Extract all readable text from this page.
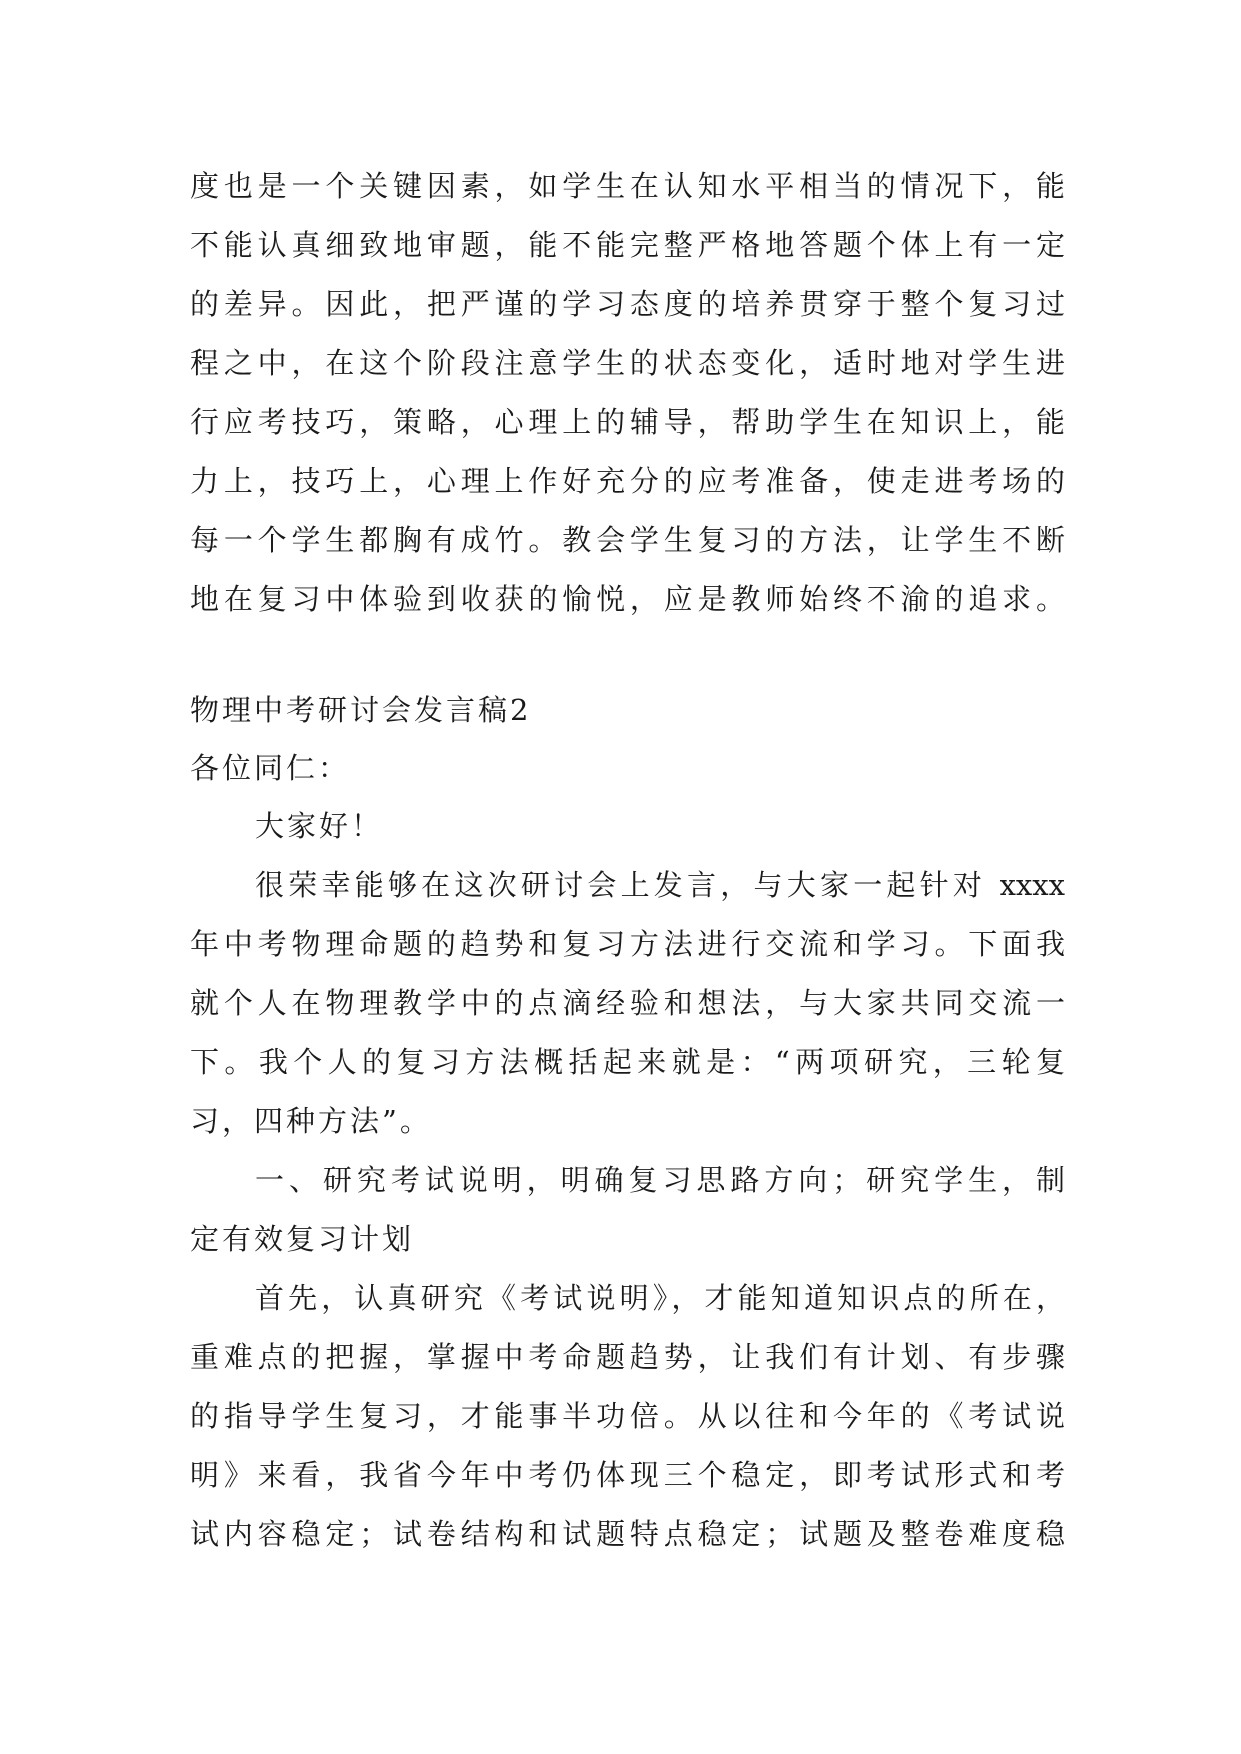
度也是一个关键因素，如学生在认知水平相当的情况下，能
不能认真细致地审题，能不能完整严格地答题个体上有一定
的差异。因此，把严谨的学习态度的培养贯穿于整个复习过
程之中，在这个阶段注意学生的状态变化，适时地对学生进
行应考技巧，策略，心理上的辅导，帮助学生在知识上，能
力上，技巧上，心理上作好充分的应考准备，使走进考场的
每一个学生都胸有成竹。教会学生复习的方法，让学生不断
地在复习中体验到收获的愉悦，应是教师始终不渝的追求。
物理中考研讨会发言稿2
各位同仁：
大家好！
很荣幸能够在这次研讨会上发言，与大家一起针对 xxxx
年中考物理命题的趋势和复习方法进行交流和学习。下面我
就个人在物理教学中的点滴经验和想法，与大家共同交流一
下。我个人的复习方法概括起来就是：“两项研究，三轮复
习，四种方法”。
一、研究考试说明，明确复习思路方向；研究学生，制
定有效复习计划
首先，认真研究《考试说明》，才能知道知识点的所在，
重难点的把握，掌握中考命题趋势，让我们有计划、有步骤
的指导学生复习，才能事半功倍。从以往和今年的《考试说
明》来看，我省今年中考仍体现三个稳定，即考试形式和考
试内容稳定；试卷结构和试题特点稳定；试题及整卷难度稳
